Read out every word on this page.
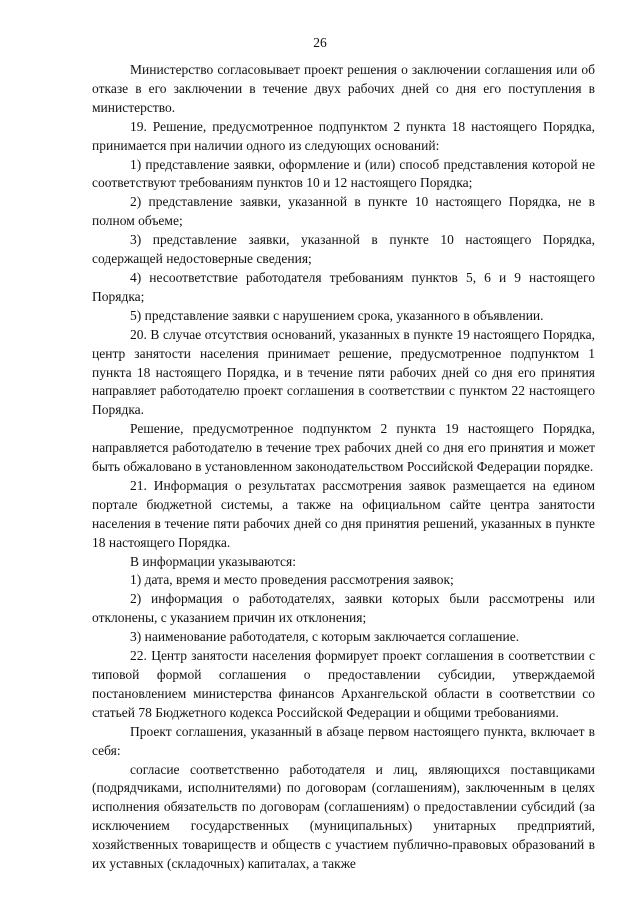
26

Министерство согласовывает проект решения о заключении соглашения или об отказе в его заключении в течение двух рабочих дней со дня его поступления в министерство.

19. Решение, предусмотренное подпунктом 2 пункта 18 настоящего Порядка, принимается при наличии одного из следующих оснований:

1) представление заявки, оформление и (или) способ представления которой не соответствуют требованиям пунктов 10 и 12 настоящего Порядка;

2) представление заявки, указанной в пункте 10 настоящего Порядка, не в полном объеме;

3) представление заявки, указанной в пункте 10 настоящего Порядка, содержащей недостоверные сведения;

4) несоответствие работодателя требованиям пунктов 5, 6 и 9 настоящего Порядка;

5) представление заявки с нарушением срока, указанного в объявлении.

20. В случае отсутствия оснований, указанных в пункте 19 настоящего Порядка, центр занятости населения принимает решение, предусмотренное подпунктом 1 пункта 18 настоящего Порядка, и в течение пяти рабочих дней со дня его принятия направляет работодателю проект соглашения в соответствии с пунктом 22 настоящего Порядка.

Решение, предусмотренное подпунктом 2 пункта 19 настоящего Порядка, направляется работодателю в течение трех рабочих дней со дня его принятия и может быть обжаловано в установленном законодательством Российской Федерации порядке.

21. Информация о результатах рассмотрения заявок размещается на едином портале бюджетной системы, а также на официальном сайте центра занятости населения в течение пяти рабочих дней со дня принятия решений, указанных в пункте 18 настоящего Порядка.

В информации указываются:

1) дата, время и место проведения рассмотрения заявок;

2) информация о работодателях, заявки которых были рассмотрены или отклонены, с указанием причин их отклонения;

3) наименование работодателя, с которым заключается соглашение.

22. Центр занятости населения формирует проект соглашения в соответствии с типовой формой соглашения о предоставлении субсидии, утверждаемой постановлением министерства финансов Архангельской области в соответствии со статьей 78 Бюджетного кодекса Российской Федерации и общими требованиями.

Проект соглашения, указанный в абзаце первом настоящего пункта, включает в себя:

согласие соответственно работодателя и лиц, являющихся поставщиками (подрядчиками, исполнителями) по договорам (соглашениям), заключенным в целях исполнения обязательств по договорам (соглашениям) о предоставлении субсидий (за исключением государственных (муниципальных) унитарных предприятий, хозяйственных товариществ и обществ с участием публично-правовых образований в их уставных (складочных) капиталах, а также
